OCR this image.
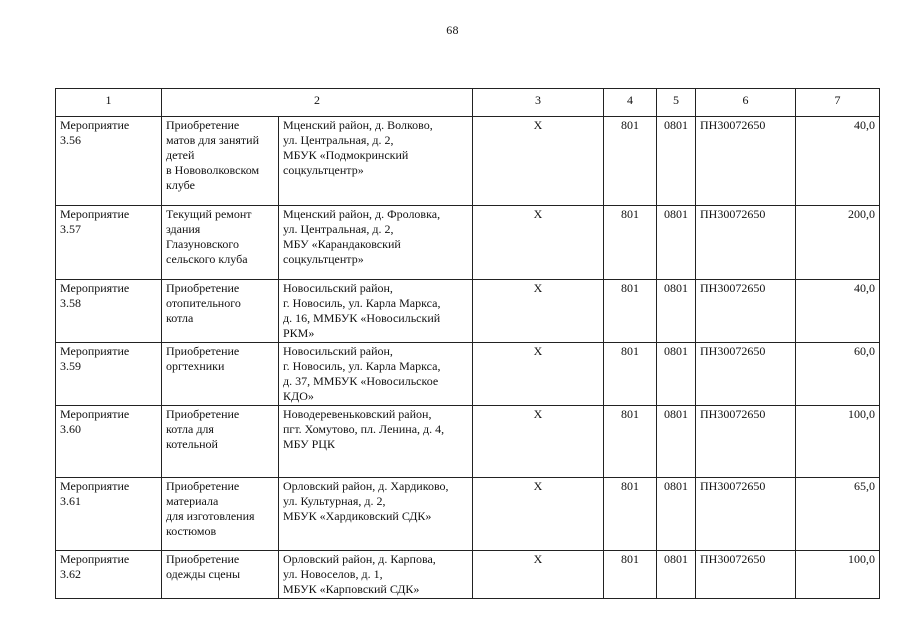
68
1	2		3	4	5	6	7

Мероприятие
3.56	Приобретение
матов для занятий
детей
в Нововолковском
клубе	Мценский район, д. Волково,
ул. Центральная, д. 2,
МБУК «Подмокринский
соцкультцентр»	Х	801	0801	ПН30072650	40,0

Мероприятие
3.57	Текущий ремонт
здания
Глазуновского
сельского клуба	Мценский район, д. Фроловка,
ул. Центральная, д. 2,
МБУ «Карандаковский
соцкультцентр»	Х	801	0801	ПН30072650	200,0

Мероприятие
3.58	Приобретение
отопительного
котла	Новосильский район,
г. Новосиль, ул. Карла Маркса,
д. 16, ММБУК «Новосильский
РКМ»	Х	801	0801	ПН30072650	40,0

Мероприятие
3.59	Приобретение
оргтехники	Новосильский район,
г. Новосиль, ул. Карла Маркса,
д. 37, ММБУК «Новосильское
КДО»	Х	801	0801	ПН30072650	60,0

Мероприятие
3.60	Приобретение
котла для
котельной	Новодеревеньковский район,
пгт. Хомутово, пл. Ленина, д. 4,
МБУ РЦК	Х	801	0801	ПН30072650	100,0

Мероприятие
3.61	Приобретение
материала
для изготовления
костюмов	Орловский район, д. Хардиково,
ул. Культурная, д. 2,
МБУК «Хардиковский СДК»	Х	801	0801	ПН30072650	65,0

Мероприятие
3.62	Приобретение
одежды сцены	Орловский район, д. Карпова,
ул. Новоселов, д. 1,
МБУК «Карповский СДК»	Х	801	0801	ПН30072650	100,0
